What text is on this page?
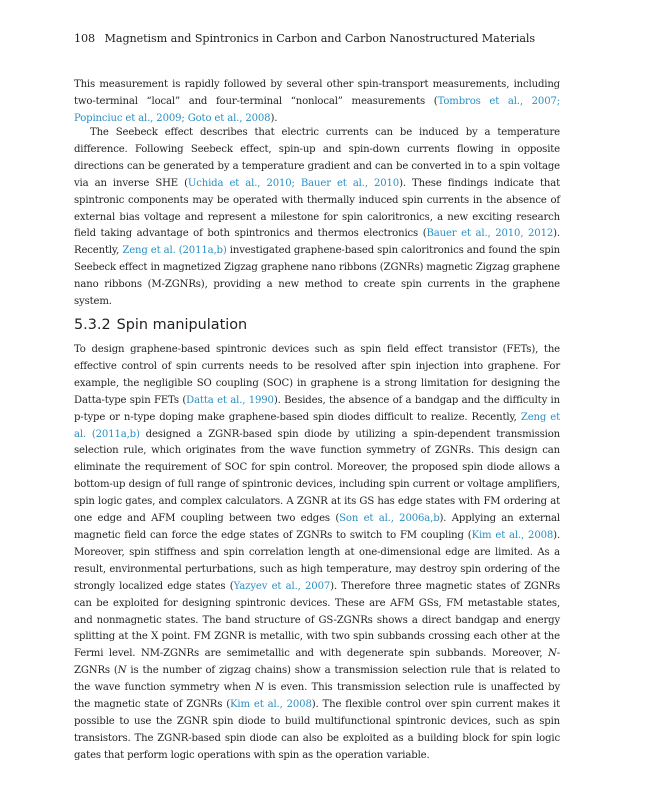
108 Magnetism and Spintronics in Carbon and Carbon Nanostructured Materials

This measurement is rapidly followed by several other spin-transport measurements, including two-terminal “local” and four-terminal “nonlocal” measurements (Tombros et al., 2007; Popinciuc et al., 2009; Goto et al., 2008).

The Seebeck effect describes that electric currents can be induced by a temperature difference. Following Seebeck effect, spin-up and spin-down currents flowing in opposite directions can be generated by a temperature gradient and can be converted in to a spin voltage via an inverse SHE (Uchida et al., 2010; Bauer et al., 2010). These findings indicate that spintronic components may be operated with thermally induced spin currents in the absence of external bias voltage and represent a milestone for spin caloritronics, a new exciting research field taking advantage of both spintronics and thermos electronics (Bauer et al., 2010, 2012). Recently, Zeng et al. (2011a,b) investigated graphene-based spin caloritronics and found the spin Seebeck effect in magnetized Zigzag graphene nano ribbons (ZGNRs) magnetic Zigzag graphene nano ribbons (M-ZGNRs), providing a new method to create spin currents in the graphene system.

5.3.2 Spin manipulation

To design graphene-based spintronic devices such as spin field effect transistor (FETs), the effective control of spin currents needs to be resolved after spin injection into graphene. For example, the negligible SO coupling (SOC) in graphene is a strong limitation for designing the Datta-type spin FETs (Datta et al., 1990). Besides, the absence of a bandgap and the difficulty in p-type or n-type doping make graphene-based spin diodes difficult to realize. Recently, Zeng et al. (2011a,b) designed a ZGNR-based spin diode by utilizing a spin-dependent transmission selection rule, which originates from the wave function symmetry of ZGNRs. This design can eliminate the requirement of SOC for spin control. Moreover, the proposed spin diode allows a bottom-up design of full range of spintronic devices, including spin current or voltage amplifiers, spin logic gates, and complex calculators. A ZGNR at its GS has edge states with FM ordering at one edge and AFM coupling between two edges (Son et al., 2006a,b). Applying an external magnetic field can force the edge states of ZGNRs to switch to FM coupling (Kim et al., 2008). Moreover, spin stiffness and spin correlation length at one-dimensional edge are limited. As a result, environmental perturbations, such as high temperature, may destroy spin ordering of the strongly localized edge states (Yazyev et al., 2007). Therefore three magnetic states of ZGNRs can be exploited for designing spintronic devices. These are AFM GSs, FM metastable states, and nonmagnetic states. The band structure of GS-ZGNRs shows a direct bandgap and energy splitting at the X point. FM ZGNR is metallic, with two spin subbands crossing each other at the Fermi level. NM-ZGNRs are semimetallic and with degenerate spin subbands. Moreover, N-ZGNRs (N is the number of zigzag chains) show a transmission selection rule that is related to the wave function symmetry when N is even. This transmission selection rule is unaffected by the magnetic state of ZGNRs (Kim et al., 2008). The flexible control over spin current makes it possible to use the ZGNR spin diode to build multifunctional spintronic devices, such as spin transistors. The ZGNR-based spin diode can also be exploited as a building block for spin logic gates that perform logic operations with spin as the operation variable.
